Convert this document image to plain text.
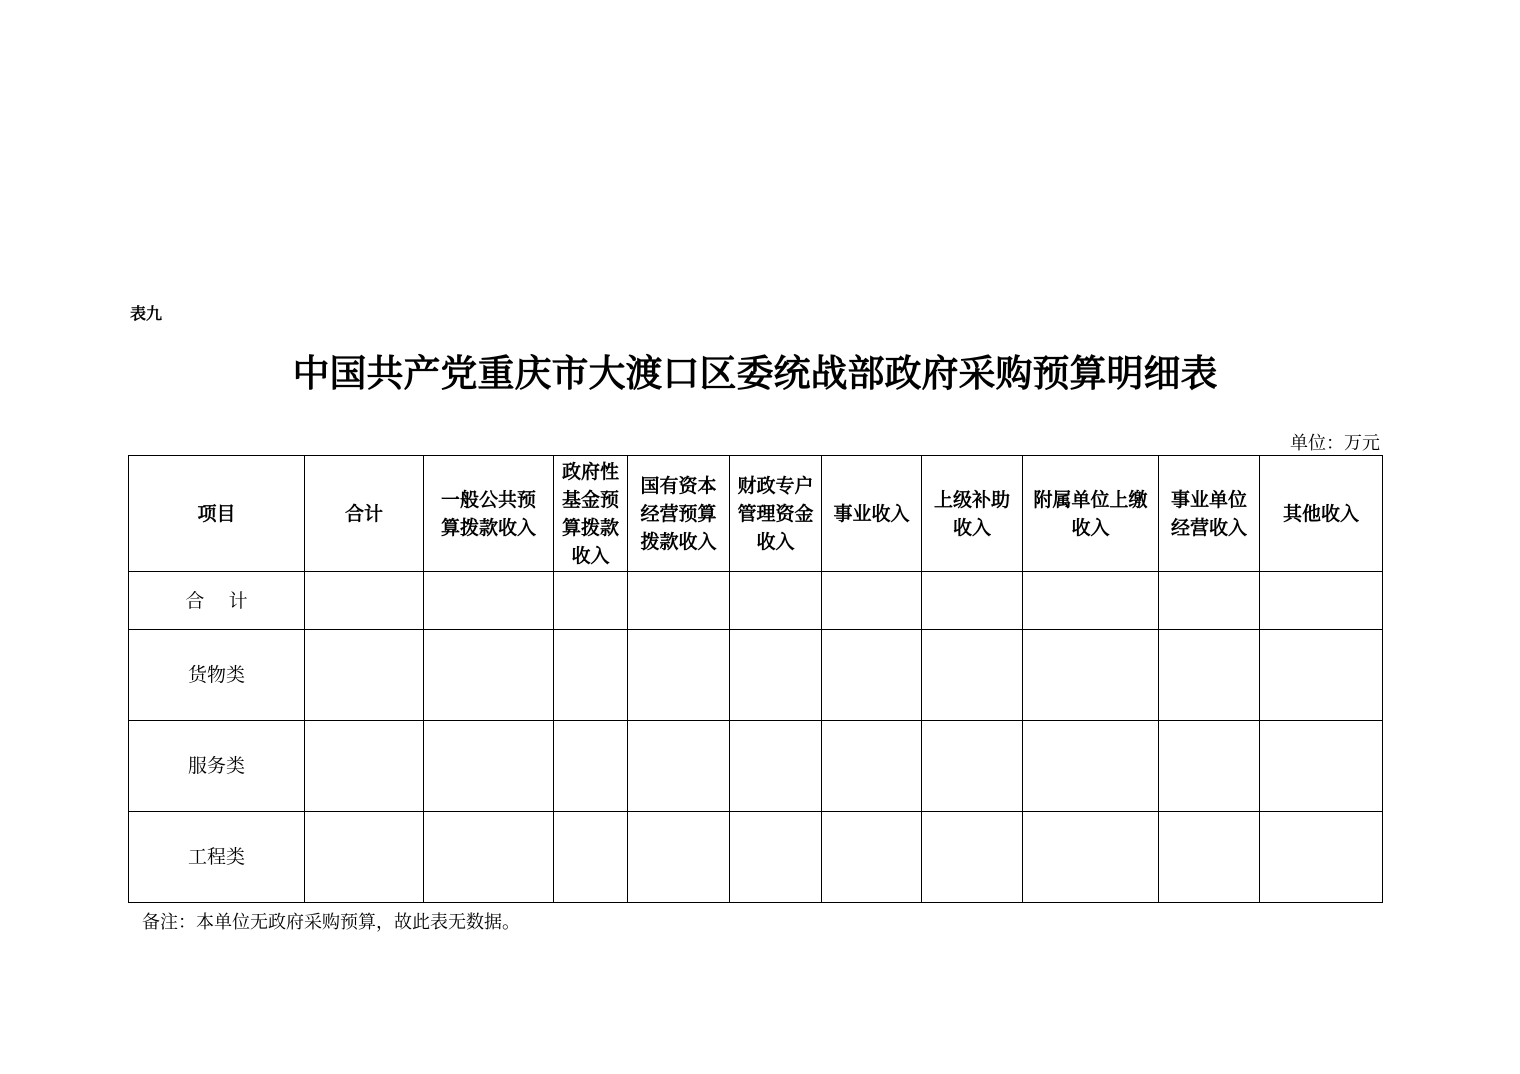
表九
中国共产党重庆市大渡口区委统战部政府采购预算明细表
单位：万元
项目	合计	一般公共预算拨款收入	政府性基金预算拨款收入	国有资本经营预算拨款收入	财政专户管理资金收入	事业收入	上级补助收入	附属单位上缴收入	事业单位经营收入	其他收入
合    计										
货物类										
服务类										
工程类										
备注：本单位无政府采购预算，故此表无数据。
